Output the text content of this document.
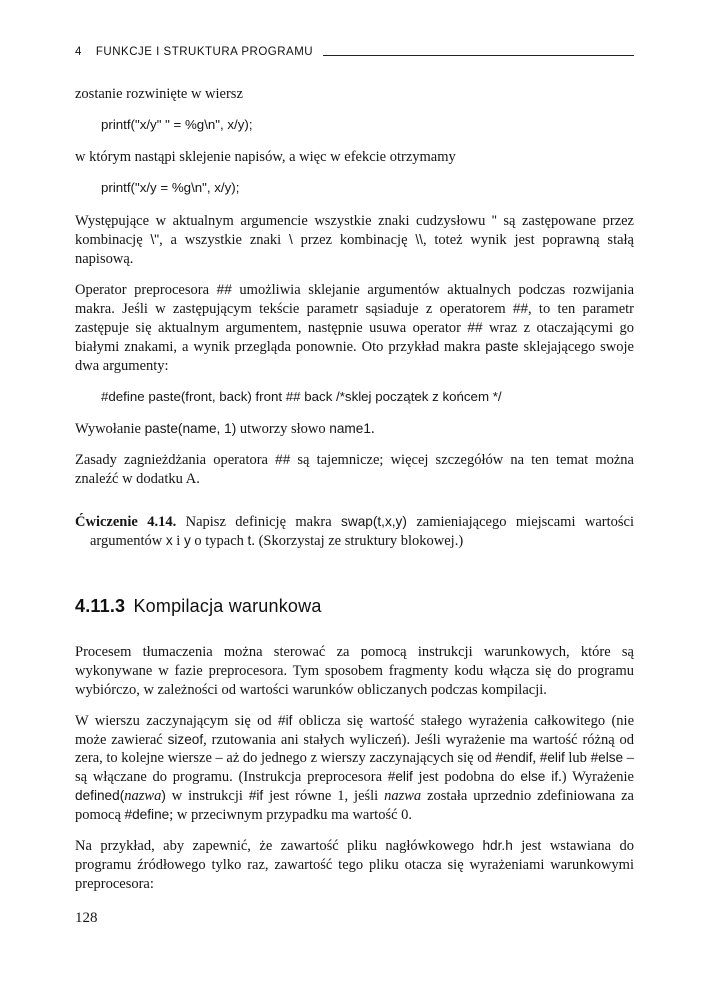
4 FUNKCJE I STRUKTURA PROGRAMU

zostanie rozwinięte w wiersz

printf("x/y" " = %g\n", x/y);

w którym nastąpi sklejenie napisów, a więc w efekcie otrzymamy

printf("x/y = %g\n", x/y);

Występujące w aktualnym argumencie wszystkie znaki cudzysłowu " są zastępowane przez kombinację \", a wszystkie znaki \ przez kombinację \\, toteż wynik jest poprawną stałą napisową.

Operator preprocesora ## umożliwia sklejanie argumentów aktualnych podczas rozwijania makra. Jeśli w zastępującym tekście parametr sąsiaduje z operatorem ##, to ten parametr zastępuje się aktualnym argumentem, następnie usuwa operator ## wraz z otaczającymi go białymi znakami, a wynik przegląda ponownie. Oto przykład makra paste sklejającego swoje dwa argumenty:

#define paste(front, back) front ## back /*sklej początek z końcem */

Wywołanie paste(name, 1) utworzy słowo name1.

Zasady zagnieżdżania operatora ## są tajemnicze; więcej szczegółów na ten temat można znaleźć w dodatku A.

Ćwiczenie 4.14. Napisz definicję makra swap(t,x,y) zamieniającego miejscami wartości argumentów x i y o typach t. (Skorzystaj ze struktury blokowej.)

4.11.3 Kompilacja warunkowa

Procesem tłumaczenia można sterować za pomocą instrukcji warunkowych, które są wykonywane w fazie preprocesora. Tym sposobem fragmenty kodu włącza się do programu wybiórczo, w zależności od wartości warunków obliczanych podczas kompilacji.

W wierszu zaczynającym się od #if oblicza się wartość stałego wyrażenia całkowitego (nie może zawierać sizeof, rzutowania ani stałych wyliczeń). Jeśli wyrażenie ma wartość różną od zera, to kolejne wiersze – aż do jednego z wierszy zaczynających się od #endif, #elif lub #else – są włączane do programu. (Instrukcja preprocesora #elif jest podobna do else if.) Wyrażenie defined(nazwa) w instrukcji #if jest równe 1, jeśli nazwa została uprzednio zdefiniowana za pomocą #define; w przeciwnym przypadku ma wartość 0.

Na przykład, aby zapewnić, że zawartość pliku nagłówkowego hdr.h jest wstawiana do programu źródłowego tylko raz, zawartość tego pliku otacza się wyrażeniami warunkowymi preprocesora:

128
